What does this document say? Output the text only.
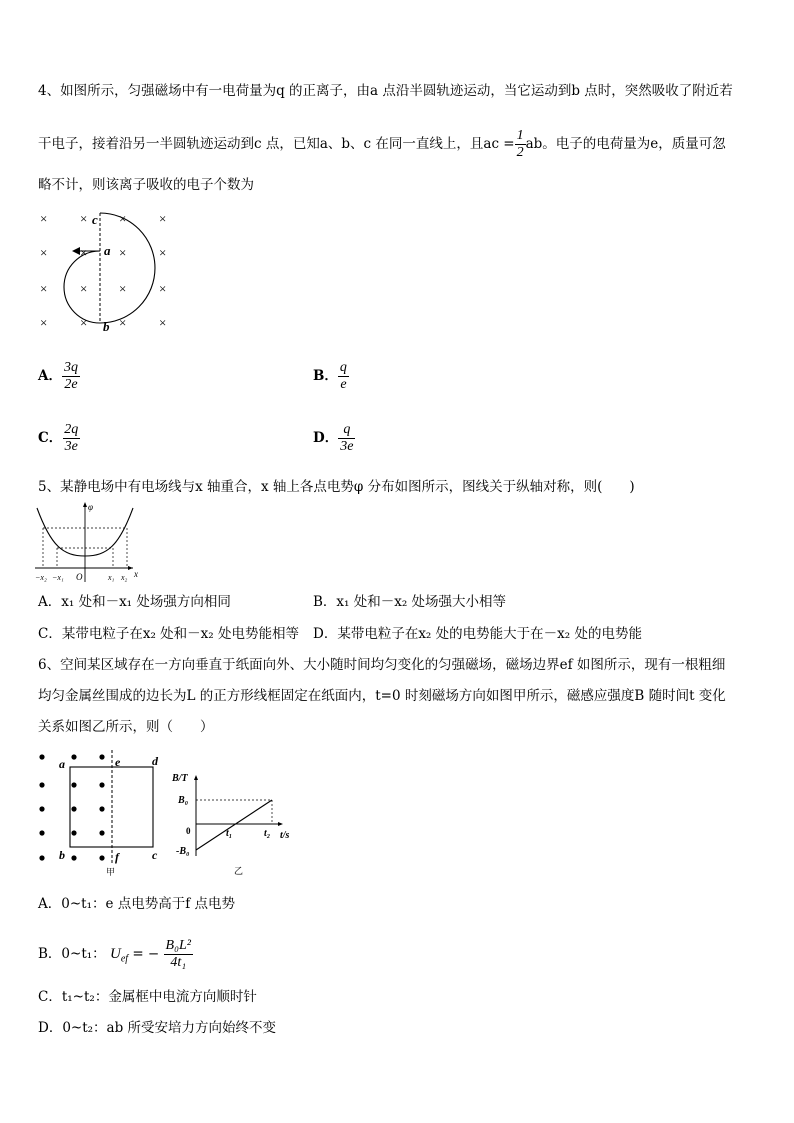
4、如图所示，匀强磁场中有一电荷量为q 的正离子，由a 点沿半圆轨迹运动，当它运动到b 点时，突然吸收了附近若
干电子，接着沿另一半圆轨迹运动到c 点，已知a、b、c 在同一直线上，且ac = $\frac{1}{2}$ ab。电子的电荷量为e，质量可忽
略不计，则该离子吸收的电子个数为
×	× ×	×
×	× ×	×
×	× ×	×
×	× ×	×
c
a
b
A． $\frac{3q}{2e}$	B． $\frac{q}{e}$
C． $\frac{2q}{3e}$	D． $\frac{q}{3e}$
5、某静电场中有电场线与x 轴重合，x 轴上各点电势φ 分布如图所示，图线关于纵轴对称，则(　　)
φ
x
O
−x₂ −x₁	x₁ x₂
A．x₁ 处和－x₁ 处场强方向相同	B．x₁ 处和－x₂ 处场强大小相等
C．某带电粒子在x₂ 处和－x₂ 处电势能相等 D．某带电粒子在x₂ 处的电势能大于在－x₂ 处的电势能
6、空间某区域存在一方向垂直于纸面向外、大小随时间均匀变化的匀强磁场，磁场边界ef 如图所示，现有一根粗细
均匀金属丝围成的边长为L 的正方形线框固定在纸面内，t=0 时刻磁场方向如图甲所示，磁感应强度B 随时间t 变化
关系如图乙所示，则（　　）
a	e	d
b	f	c
甲
B/T
B₀
0
-B₀
t₁	t₂ t/s
乙
A．0~t₁：e 点电势高于f 点电势
B．0~t₁： $U_{ef}$ = − $\frac{\text{B₀L²}}{\text{4t₁}}$
C．t₁~t₂：金属框中电流方向顺时针
D．0~t₂：ab 所受安培力方向始终不变
